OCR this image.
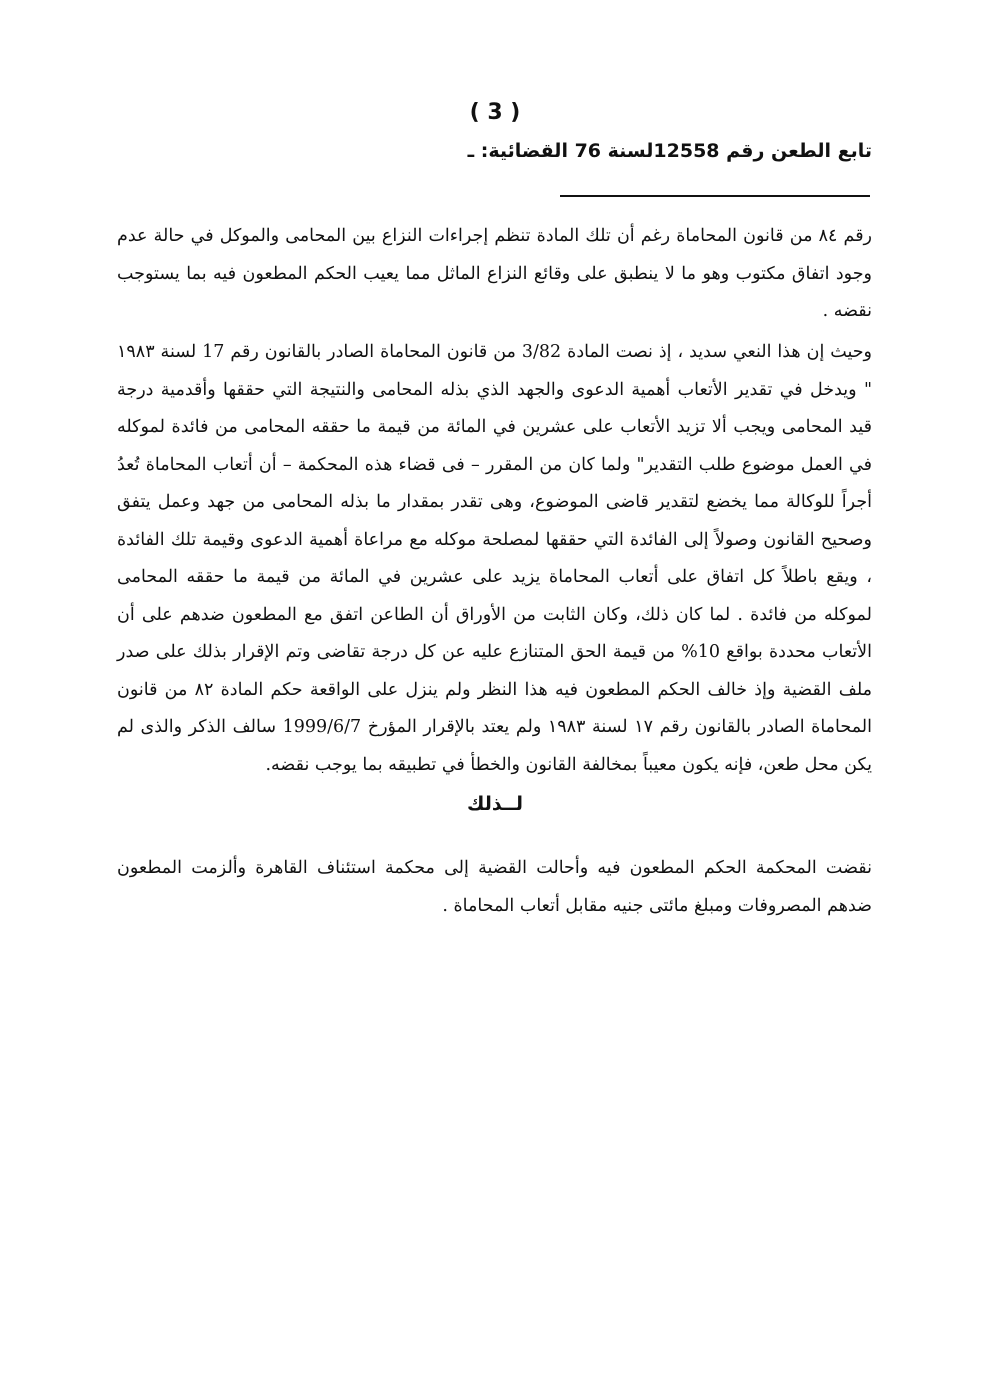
( 3 )
تابع الطعن رقم 12558لسنة 76 القضائية: ـ
رقم ٨٤ من قانون المحاماة رغم أن تلك المادة تنظم إجراءات النزاع بين المحامى والموكل في حالة عدم وجود اتفاق مكتوب وهو ما لا ينطبق على وقائع النزاع الماثل مما يعيب الحكم المطعون فيه بما يستوجب نقضه .
وحيث إن هذا النعي سديد ، إذ نصت المادة 3/82 من قانون المحاماة الصادر بالقانون رقم 17 لسنة ١٩٨٣ " ويدخل في تقدير الأتعاب أهمية الدعوى والجهد الذي بذله المحامى والنتيجة التي حققها وأقدمية درجة قيد المحامى ويجب ألا تزيد الأتعاب على عشرين في المائة من قيمة ما حققه المحامى من فائدة لموكله في العمل موضوع طلب التقدير" ولما كان من المقرر – فى قضاء هذه المحكمة – أن أتعاب المحاماة تُعدُ أجراً للوكالة مما يخضع لتقدير قاضى الموضوع، وهى تقدر بمقدار ما بذله المحامى من جهد وعمل يتفق وصحيح القانون وصولاً إلى الفائدة التي حققها لمصلحة موكله مع مراعاة أهمية الدعوى وقيمة تلك الفائدة ، ويقع باطلاً كل اتفاق على أتعاب المحاماة يزيد على عشرين في المائة من قيمة ما حققه المحامى لموكله من فائدة . لما كان ذلك، وكان الثابت من الأوراق أن الطاعن اتفق مع المطعون ضدهم على أن الأتعاب محددة بواقع 10% من قيمة الحق المتنازع عليه عن كل درجة تقاضى وتم الإقرار بذلك على صدر ملف القضية وإذ خالف الحكم المطعون فيه هذا النظر ولم ينزل على الواقعة حكم المادة ٨٢ من قانون المحاماة الصادر بالقانون رقم ١٧ لسنة ١٩٨٣ ولم يعتد بالإقرار المؤرخ 1999/6/7 سالف الذكر والذى لم يكن محل طعن، فإنه يكون معيباً بمخالفة القانون والخطأ في تطبيقه بما يوجب نقضه.
لــذلك
نقضت المحكمة الحكم المطعون فيه وأحالت القضية إلى محكمة استئناف القاهرة وألزمت المطعون ضدهم المصروفات ومبلغ مائتى جنيه مقابل أتعاب المحاماة .
